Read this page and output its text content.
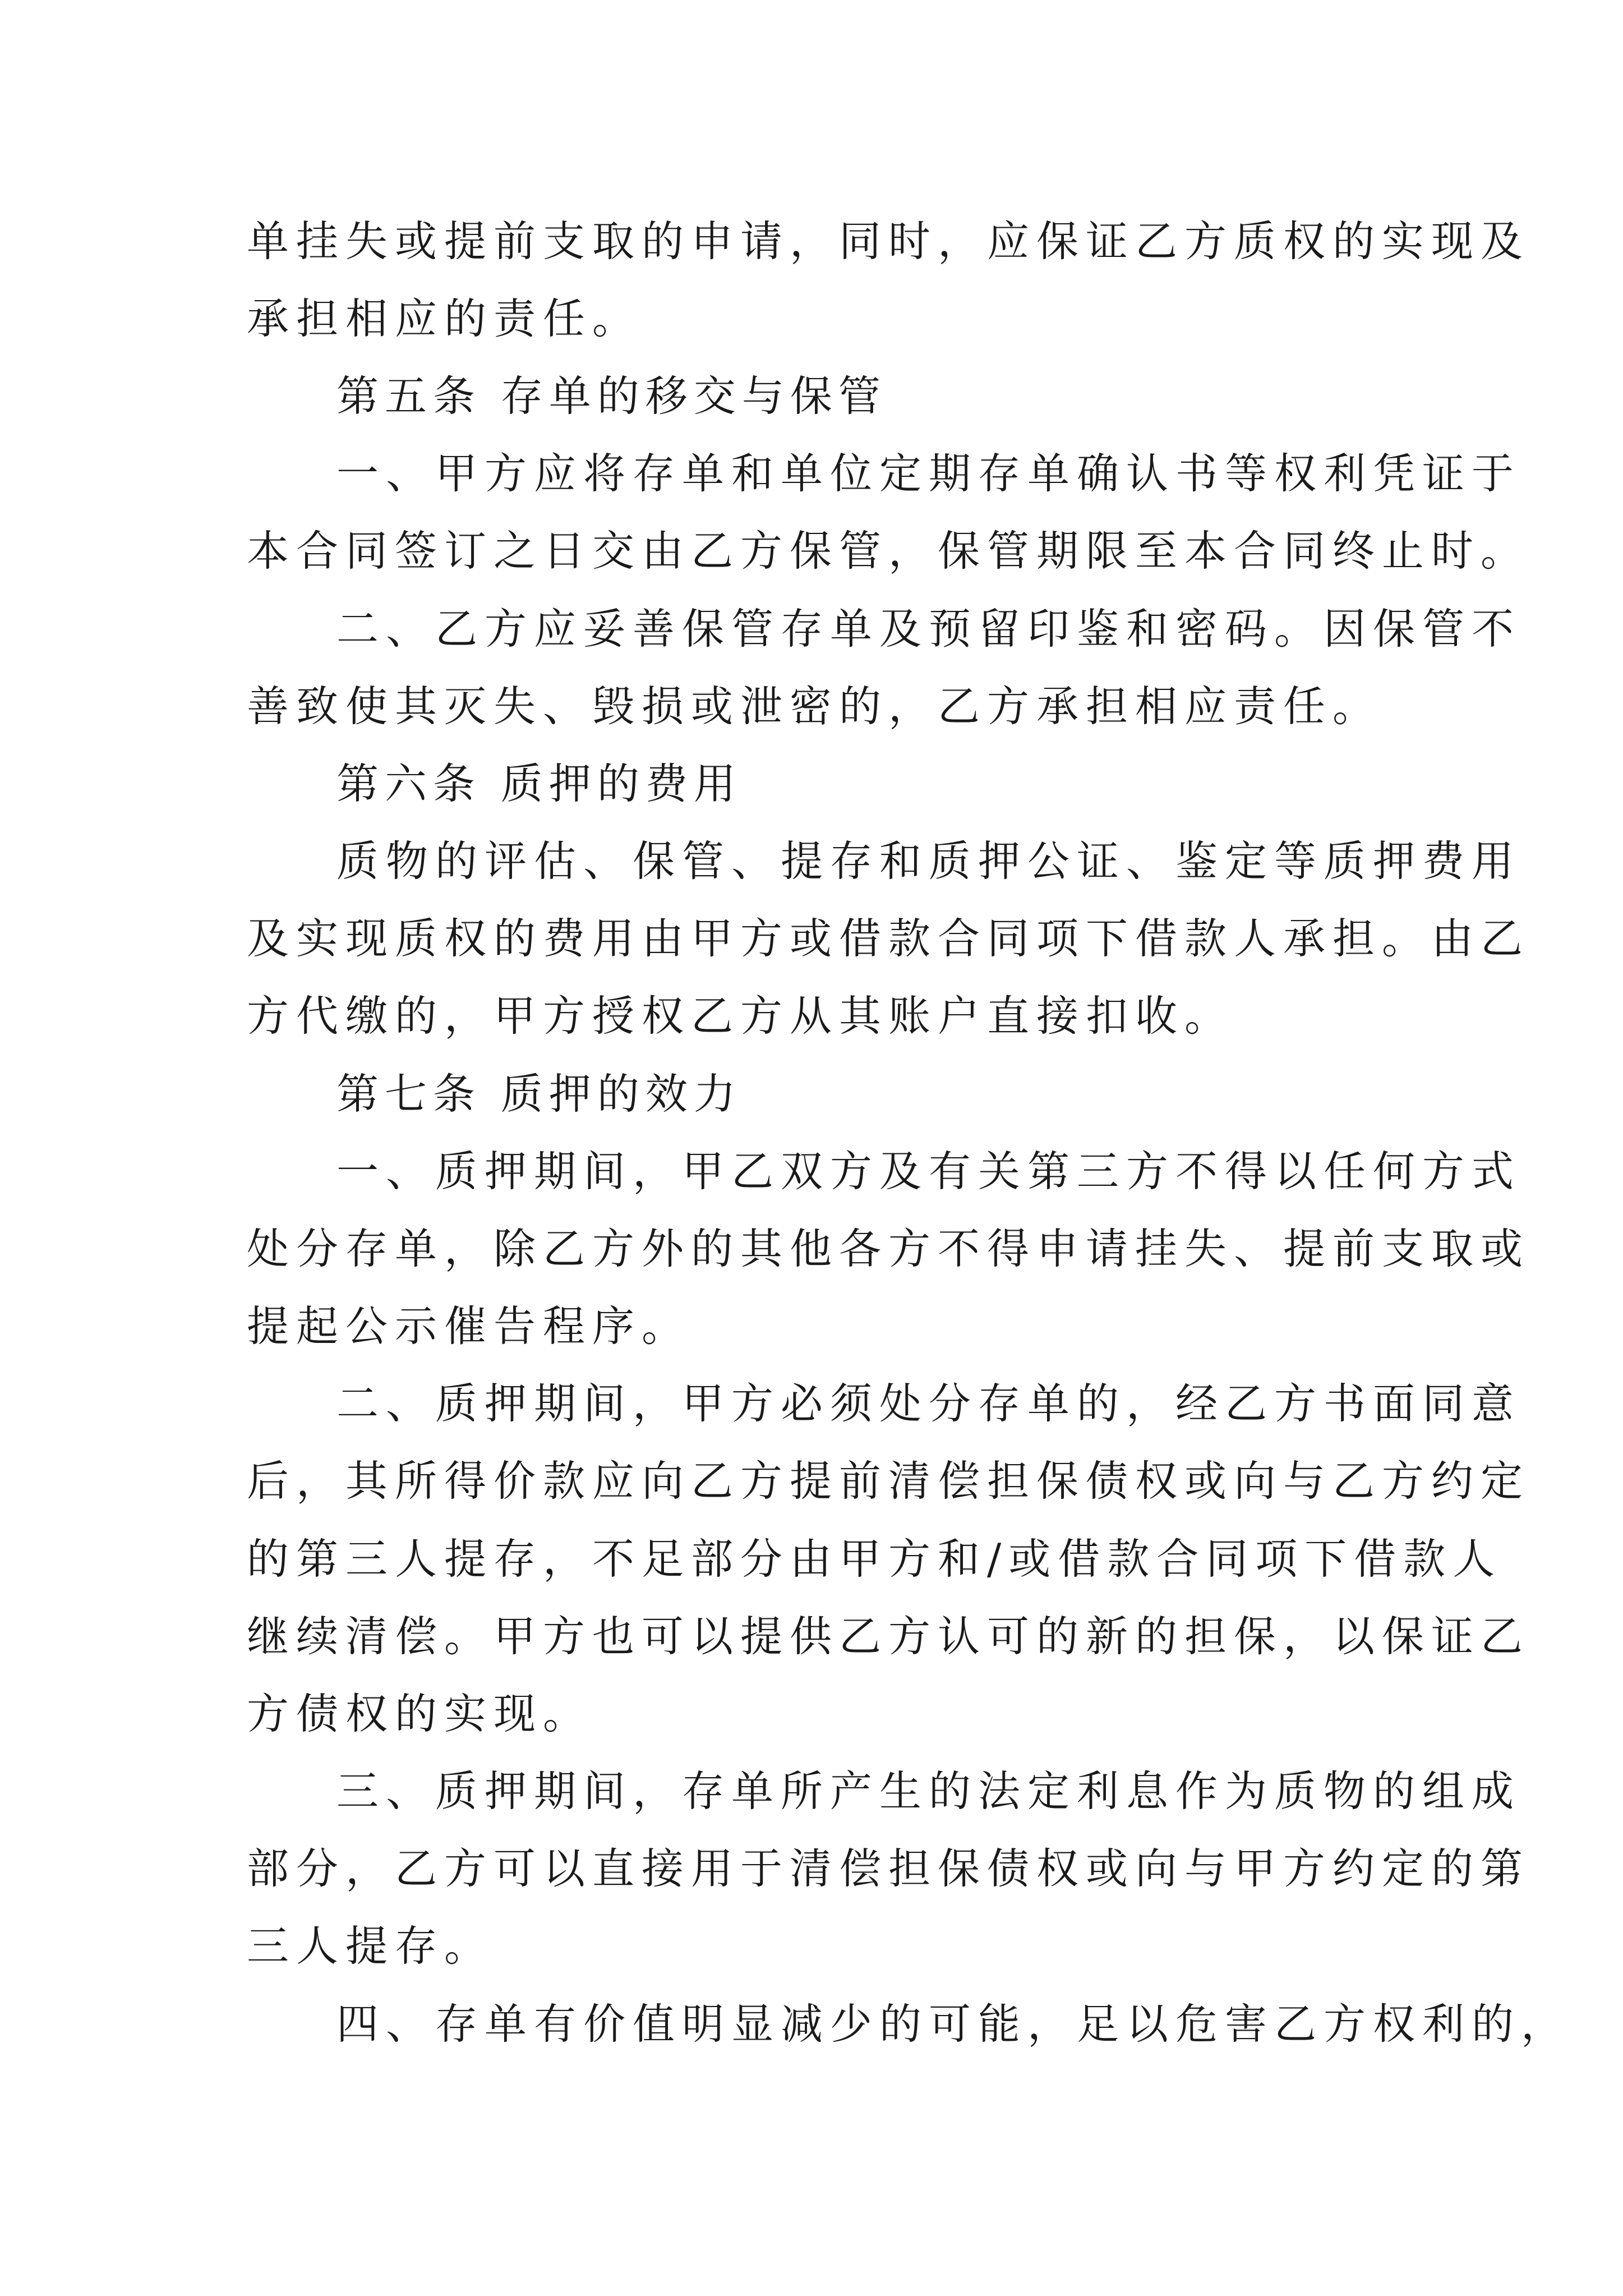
单挂失或提前支取的申请，同时，应保证乙方质权的实现及
承担相应的责任。
第五条 存单的移交与保管
一、甲方应将存单和单位定期存单确认书等权利凭证于
本合同签订之日交由乙方保管，保管期限至本合同终止时。
二、乙方应妥善保管存单及预留印鉴和密码。因保管不
善致使其灭失、毁损或泄密的，乙方承担相应责任。
第六条 质押的费用
质物的评估、保管、提存和质押公证、鉴定等质押费用
及实现质权的费用由甲方或借款合同项下借款人承担。由乙
方代缴的，甲方授权乙方从其账户直接扣收。
第七条 质押的效力
一、质押期间，甲乙双方及有关第三方不得以任何方式
处分存单，除乙方外的其他各方不得申请挂失、提前支取或
提起公示催告程序。
二、质押期间，甲方必须处分存单的，经乙方书面同意
后，其所得价款应向乙方提前清偿担保债权或向与乙方约定
的第三人提存，不足部分由甲方和/或借款合同项下借款人
继续清偿。甲方也可以提供乙方认可的新的担保，以保证乙
方债权的实现。
三、质押期间，存单所产生的法定利息作为质物的组成
部分，乙方可以直接用于清偿担保债权或向与甲方约定的第
三人提存。
四、存单有价值明显减少的可能，足以危害乙方权利的，
